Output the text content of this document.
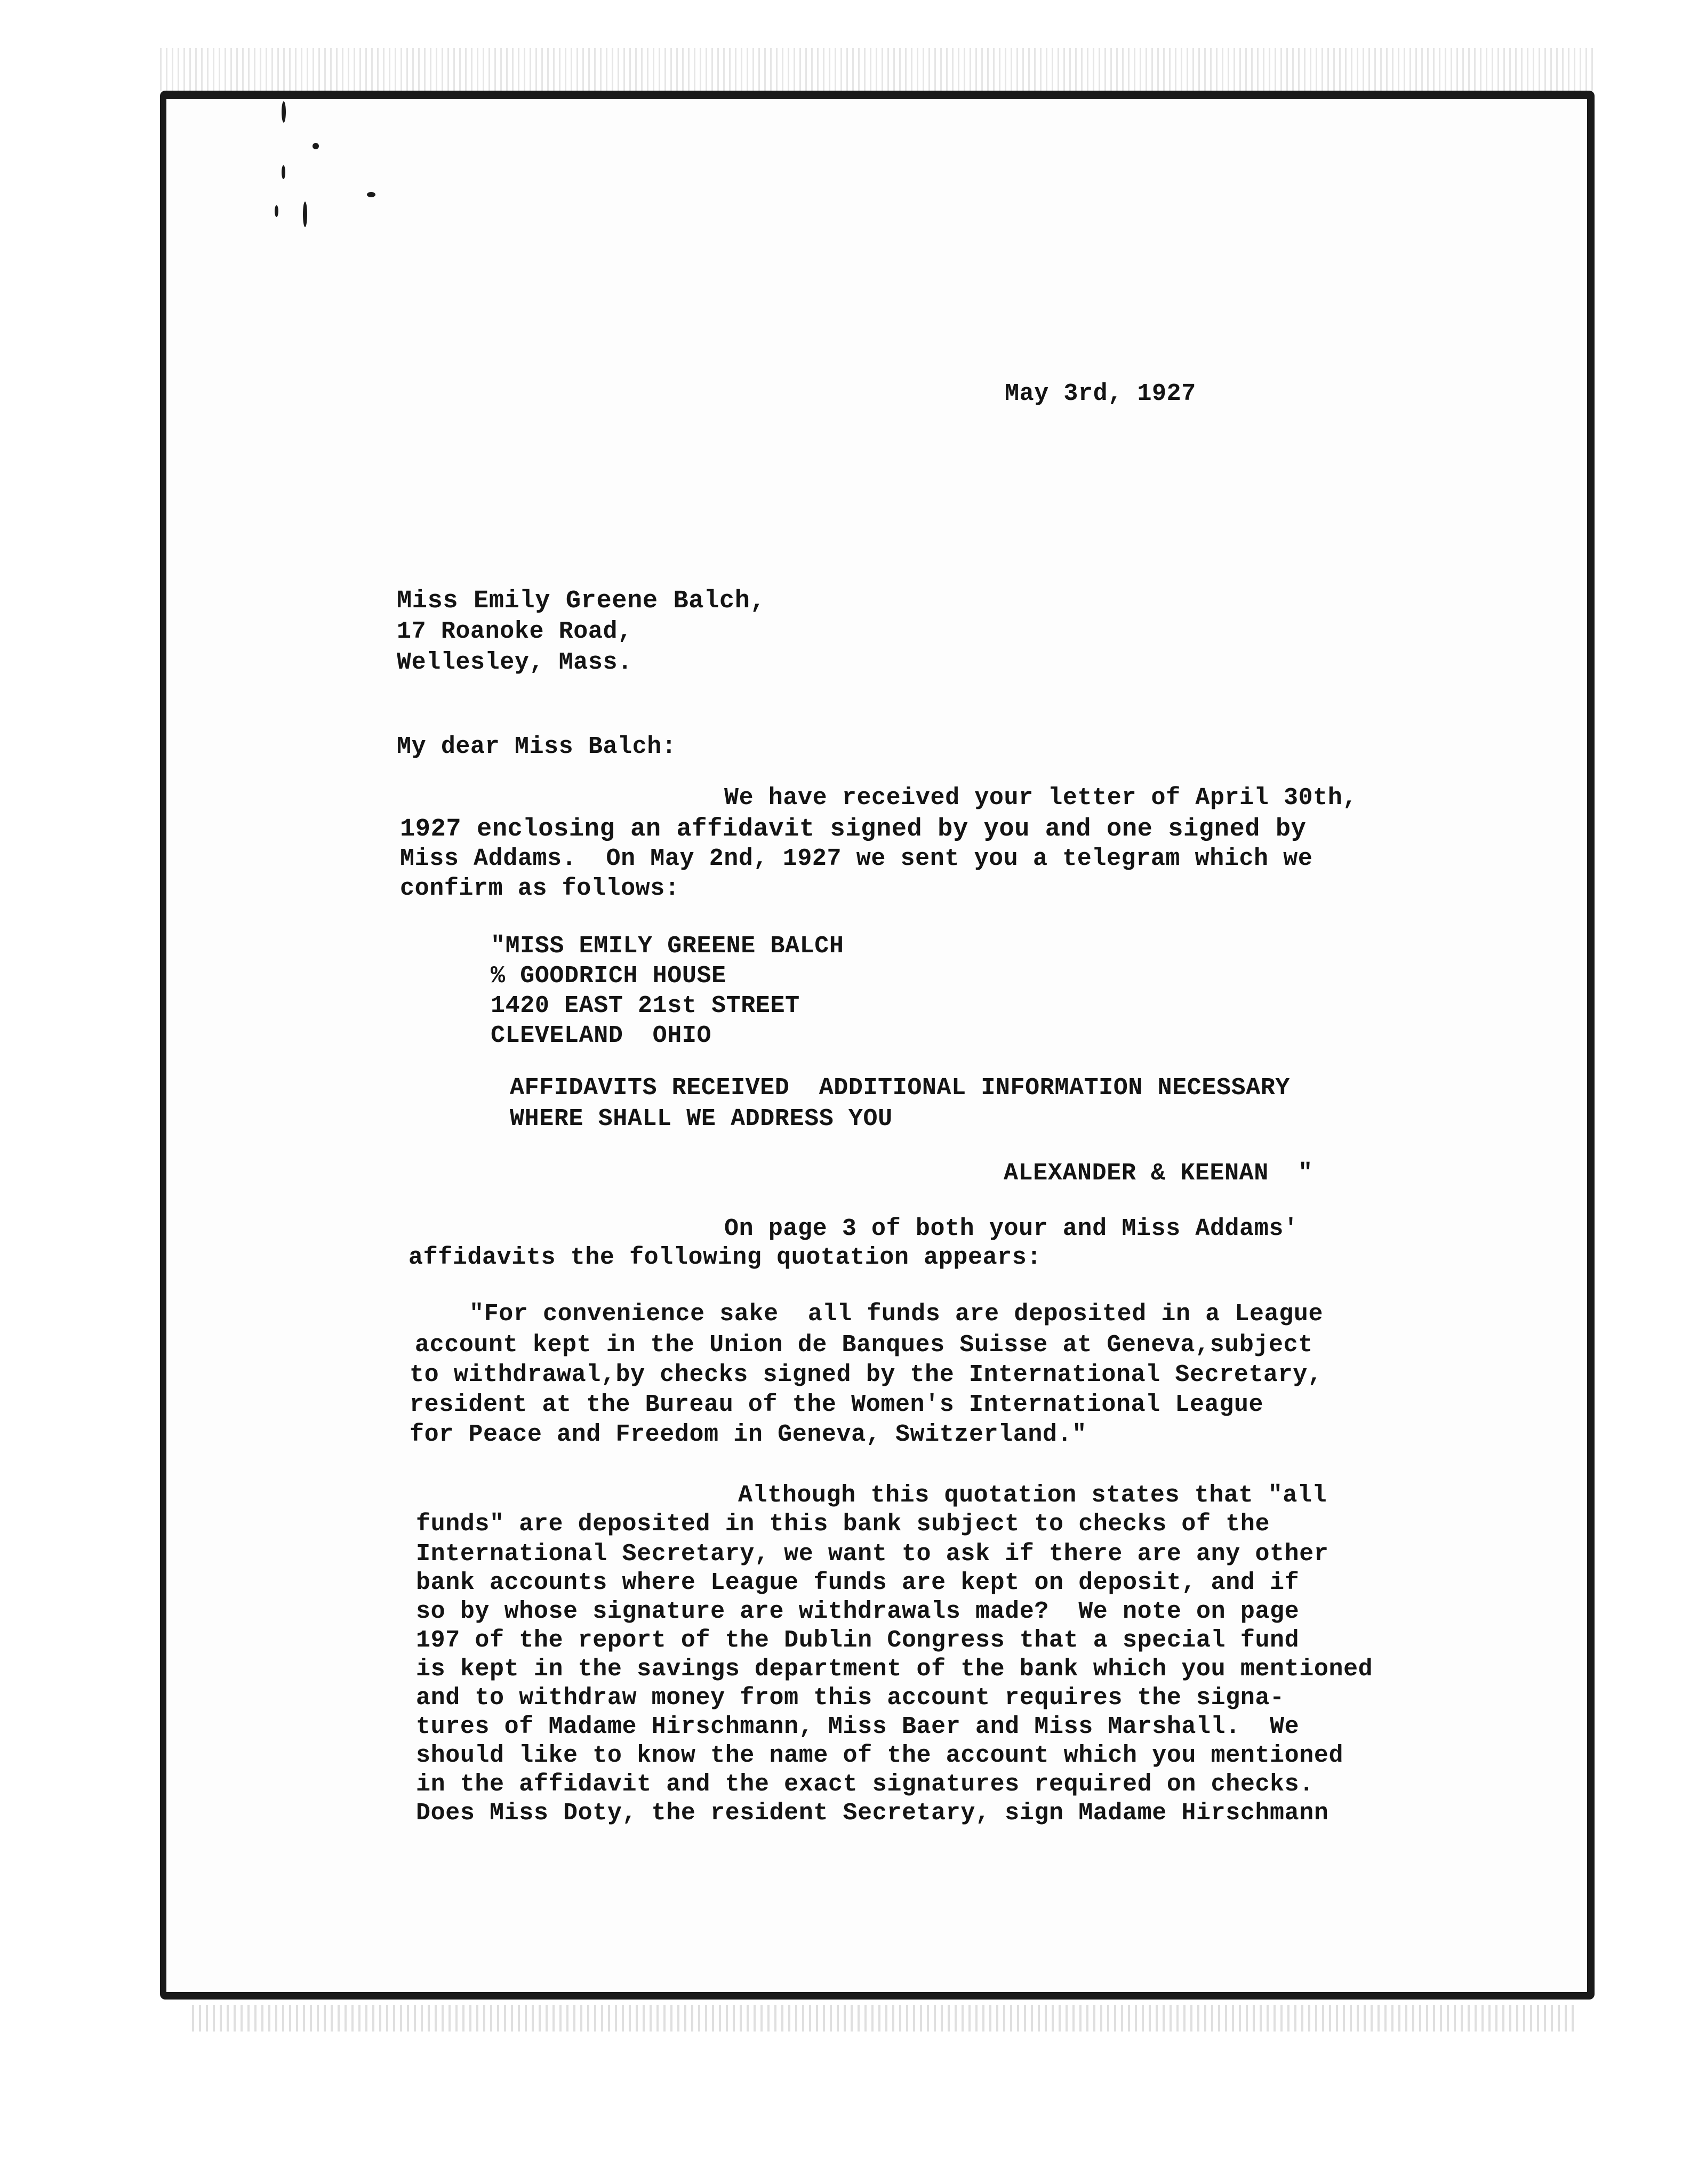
May 3rd, 1927
Miss Emily Greene Balch,
17 Roanoke Road,
Wellesley, Mass.
My dear Miss Balch:
We have received your letter of April 30th,
1927 enclosing an affidavit signed by you and one signed by
Miss Addams.  On May 2nd, 1927 we sent you a telegram which we
confirm as follows:
"MISS EMILY GREENE BALCH
% GOODRICH HOUSE
1420 EAST 21st STREET
CLEVELAND  OHIO
AFFIDAVITS RECEIVED  ADDITIONAL INFORMATION NECESSARY
WHERE SHALL WE ADDRESS YOU
ALEXANDER & KEENAN  "
On page 3 of both your and Miss Addams'
affidavits the following quotation appears:
"For convenience sake  all funds are deposited in a League
account kept in the Union de Banques Suisse at Geneva,subject
to withdrawal,by checks signed by the International Secretary,
resident at the Bureau of the Women's International League
for Peace and Freedom in Geneva, Switzerland."
Although this quotation states that "all
funds" are deposited in this bank subject to checks of the
International Secretary, we want to ask if there are any other
bank accounts where League funds are kept on deposit, and if
so by whose signature are withdrawals made?  We note on page
197 of the report of the Dublin Congress that a special fund
is kept in the savings department of the bank which you mentioned
and to withdraw money from this account requires the signa-
tures of Madame Hirschmann, Miss Baer and Miss Marshall.  We
should like to know the name of the account which you mentioned
in the affidavit and the exact signatures required on checks.
Does Miss Doty, the resident Secretary, sign Madame Hirschmann
